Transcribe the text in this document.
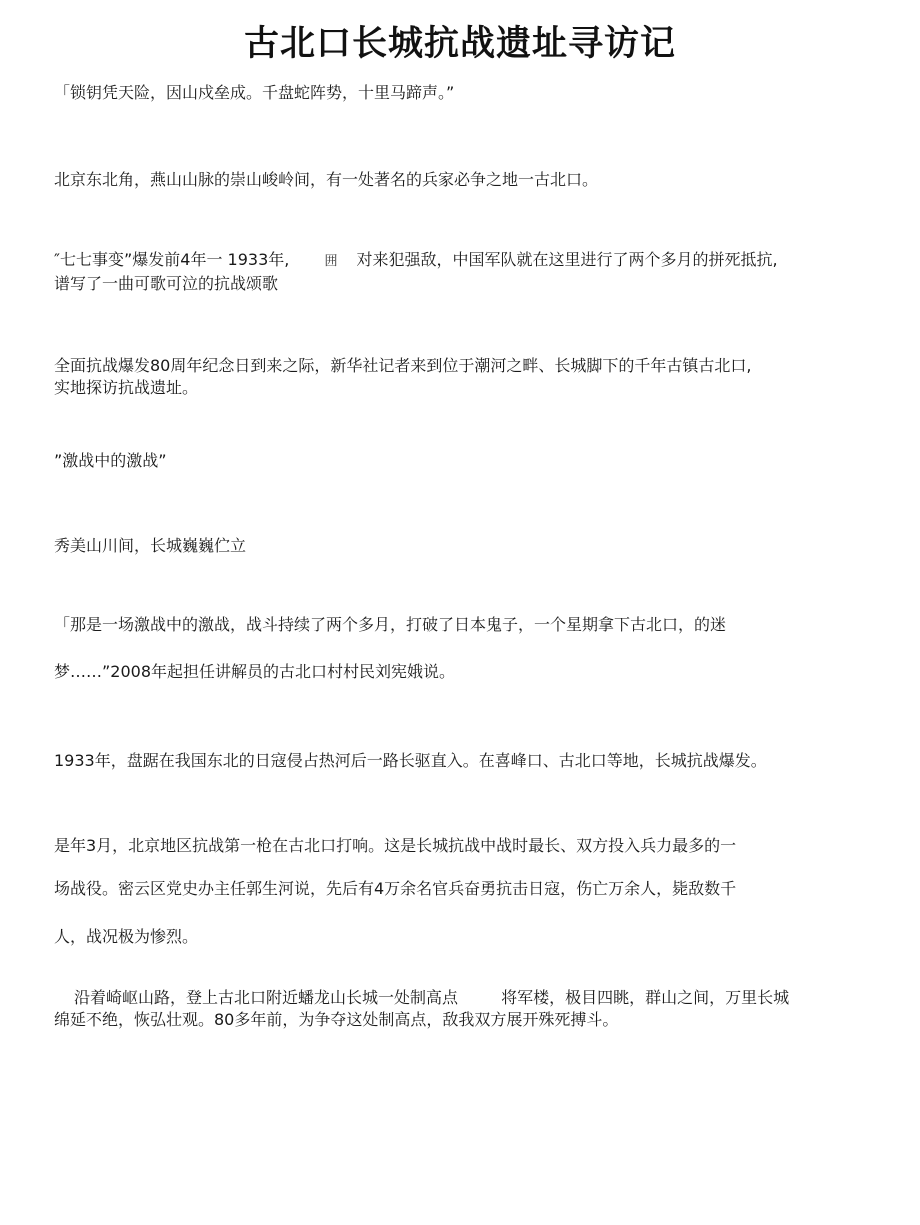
古北口长城抗战遗址寻访记
「锁钥凭天险，因山戍垒成。千盘蛇阵势，十里马蹄声。”
北京东北角，燕山山脉的崇山峻岭间，有一处著名的兵家必争之地一古北口。
″七七事变”爆发前4年一 1933年,	囲 对来犯强敌，中国军队就在这里进行了两个多月的拼死抵抗,
谱写了一曲可歌可泣的抗战颂歌
全面抗战爆发80周年纪念日到来之际，新华社记者来到位于潮河之畔、长城脚下的千年古镇古北口,
实地探访抗战遗址。
”激战中的激战”
秀美山川间，长城巍巍伫立
「那是一场激战中的激战，战斗持续了两个多月，打破了日本鬼子，一个星期拿下古北口，的迷
梦……”2008年起担任讲解员的古北口村村民刘宪娥说。
1933年，盘踞在我国东北的日寇侵占热河后一路长驱直入。在喜峰口、古北口等地，长城抗战爆发。
是年3月，北京地区抗战第一枪在古北口打响。这是长城抗战中战时最长、双方投入兵力最多的一
场战役。密云区党史办主任郭生河说，先后有4万余名官兵奋勇抗击日寇，伤亡万余人，毙敌数千
人，战况极为惨烈。
沿着崎岖山路，登上古北口附近蟠龙山长城一处制高点	将军楼，极目四眺，群山之间，万里长城
绵延不绝，恢弘壮观。80多年前，为争夺这处制高点，敌我双方展开殊死搏斗。
